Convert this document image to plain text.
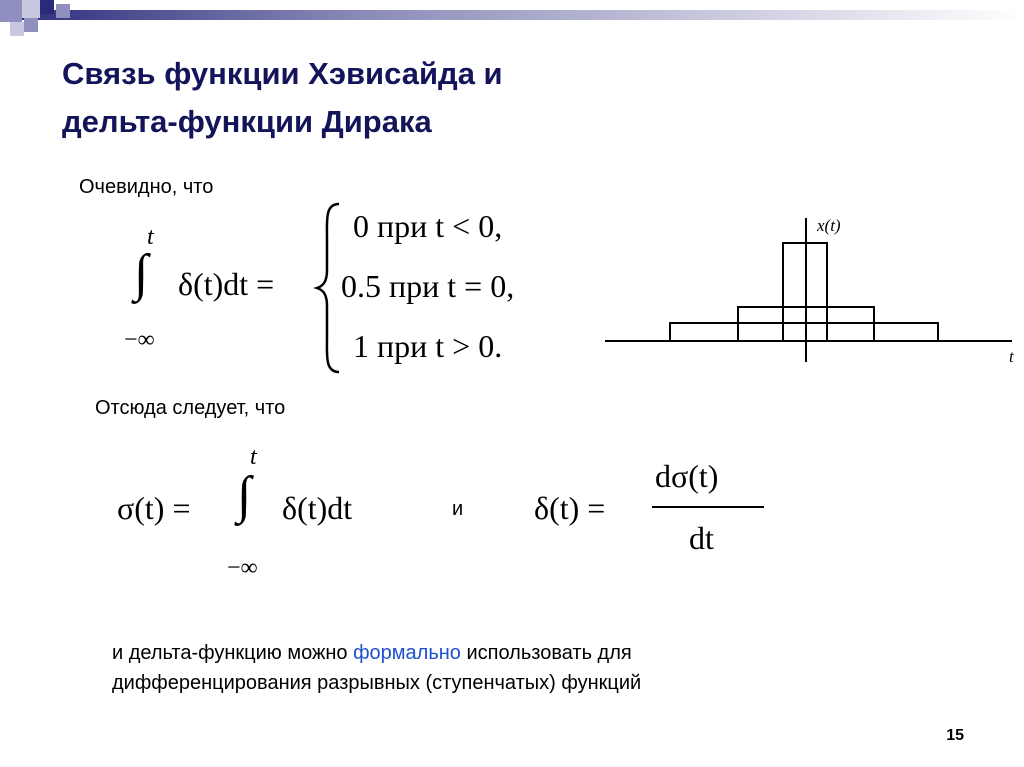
Связь функции Хэвисайда и
дельта-функции Дирака
Очевидно, что
t
∫
−∞
δ(t)dt =
0 при t < 0,
0.5 при t = 0,
1 при t > 0.
x(t)
t
Отсюда следует, что
σ(t) =
t
∫
−∞
δ(t)dt	и δ(t) =
dσ(t)
dt
и дельта-функцию можно формально использовать для
дифференцирования разрывных (ступенчатых) функций
15
